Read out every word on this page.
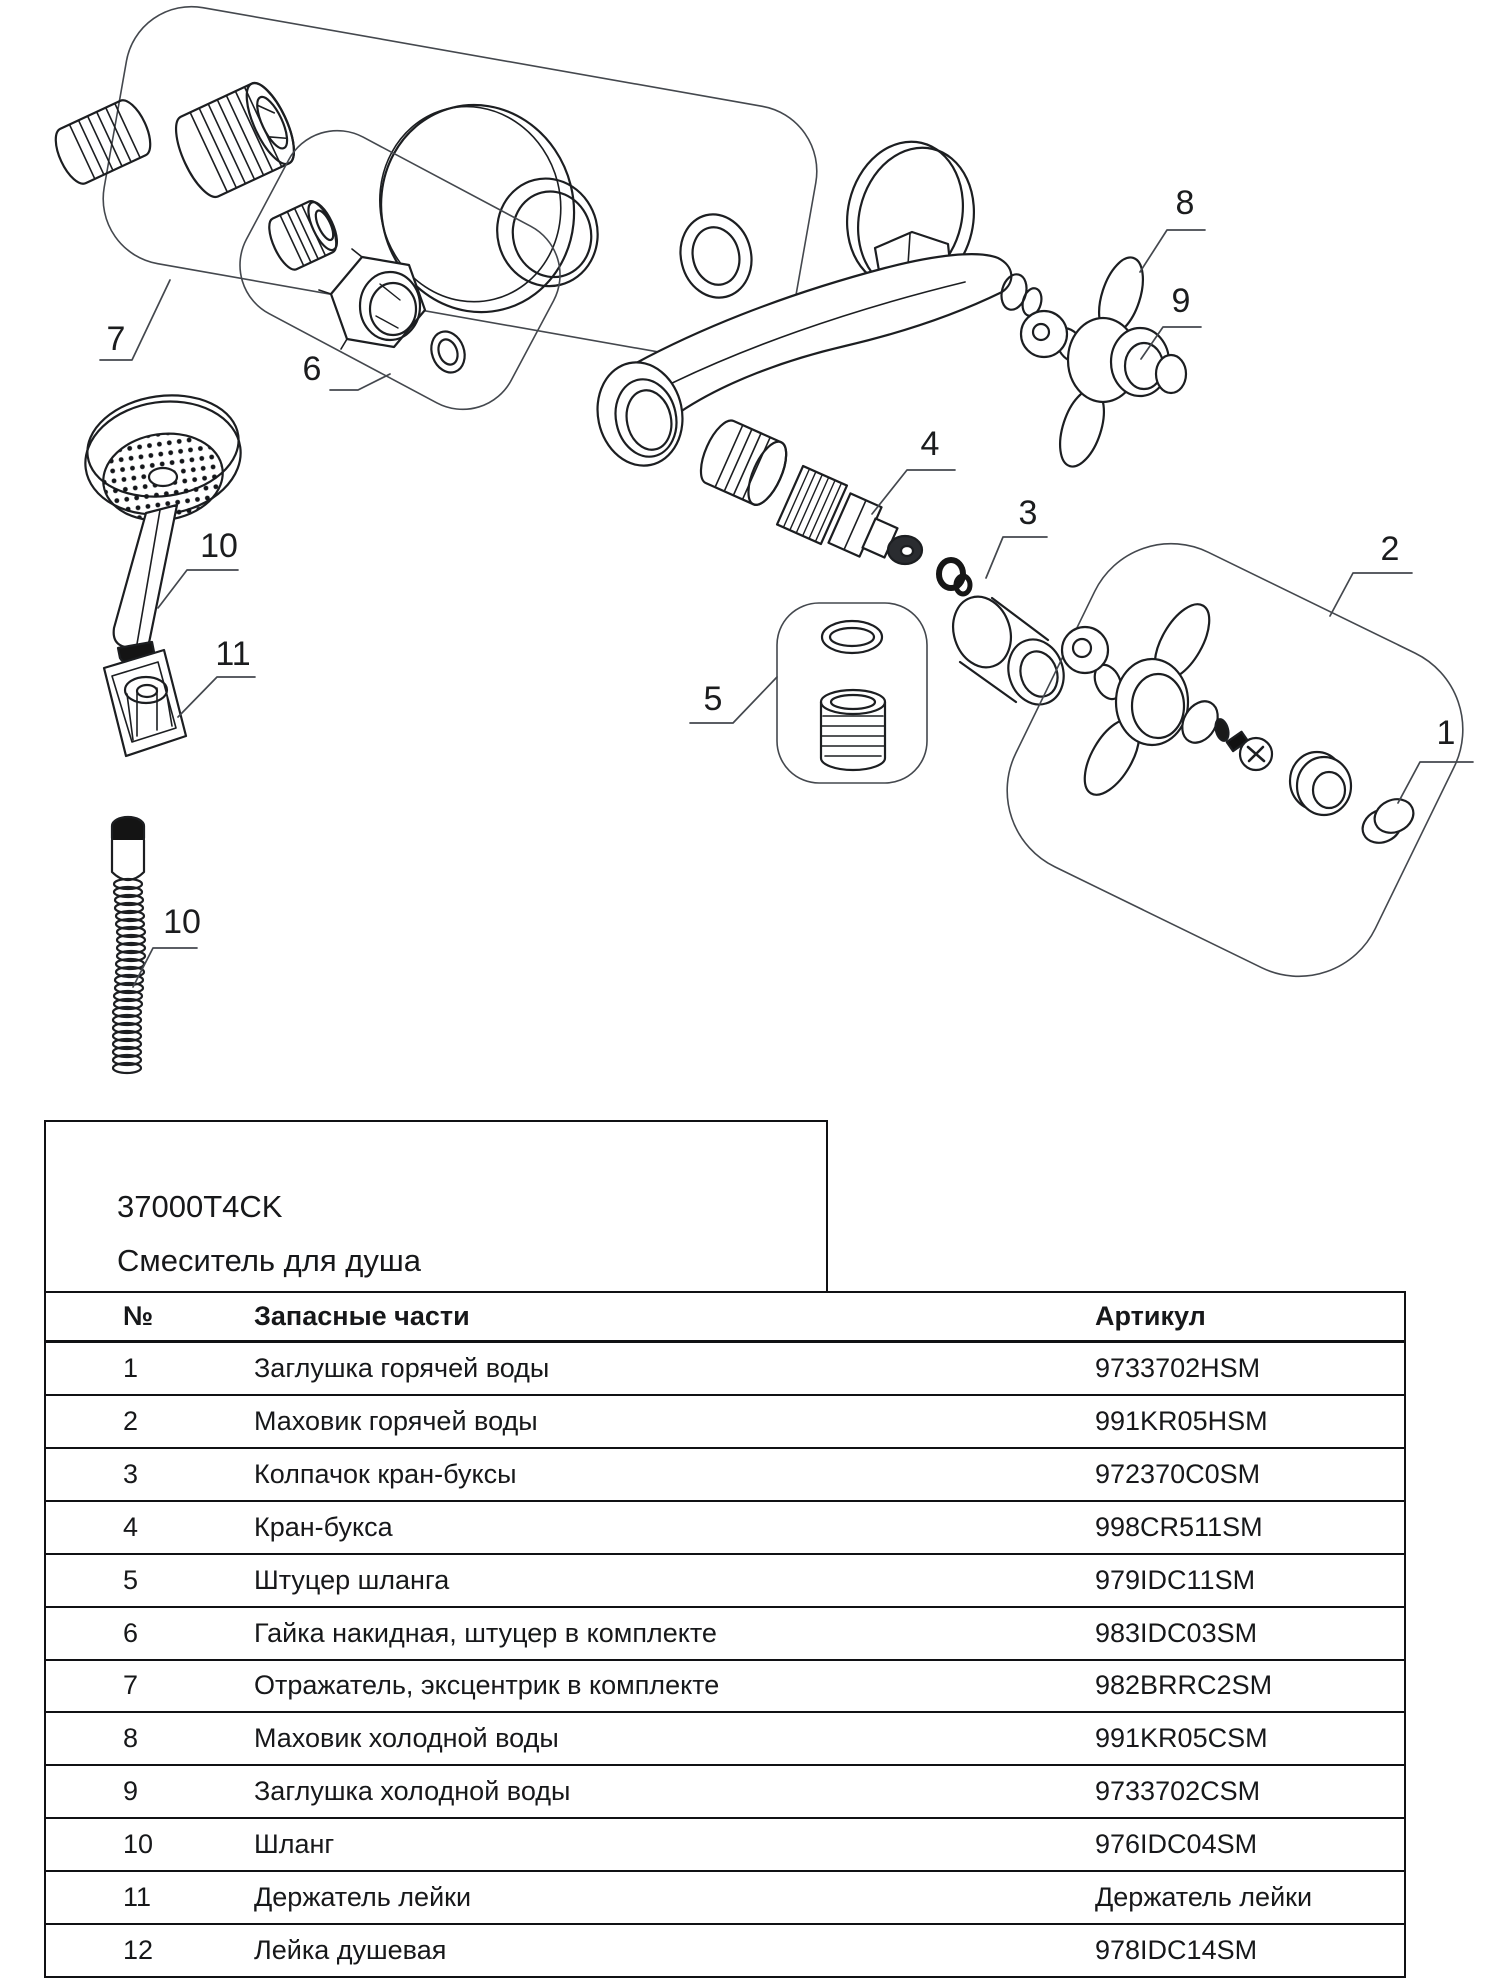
7
6
10
11
10
4
5
3
8
9
2
1
37000T4CK
Смеситель для душа
№	Запасные части	Артикул
1	Заглушка горячей воды	9733702HSM
2	Маховик горячей воды	991KR05HSM
3	Колпачок кран-буксы	972370C0SM
4	Кран-букса	998CR511SM
5	Штуцер шланга	979IDC11SM
6	Гайка накидная, штуцер в комплекте	983IDC03SM
7	Отражатель, эксцентрик в комплекте	982BRRC2SM
8	Маховик холодной воды	991KR05CSM
9	Заглушка холодной воды	9733702CSM
10	Шланг	976IDC04SM
11	Держатель лейки	Держатель лейки
12	Лейка душевая	978IDC14SM
